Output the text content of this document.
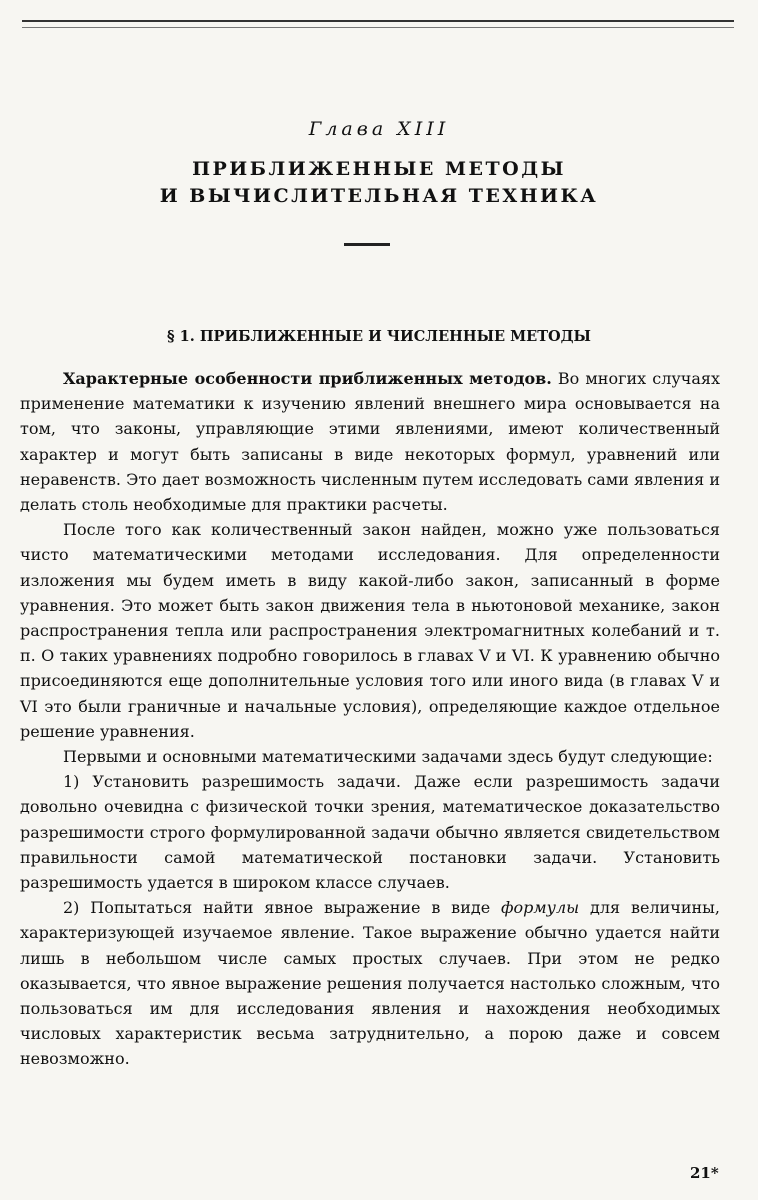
Глава XIII
ПРИБЛИЖЕННЫЕ МЕТОДЫ
И ВЫЧИСЛИТЕЛЬНАЯ ТЕХНИКА
§ 1. ПРИБЛИЖЕННЫЕ И ЧИСЛЕННЫЕ МЕТОДЫ

Характерные особенности приближенных методов. Во многих случаях применение математики к изучению явлений внешнего мира основывается на том, что законы, управляющие этими явлениями, имеют количественный характер и могут быть записаны в виде некоторых формул, уравнений или неравенств. Это дает возможность численным путем исследовать сами явления и делать столь необходимые для практики расчеты.

После того как количественный закон найден, можно уже пользоваться чисто математическими методами исследования. Для определенности изложения мы будем иметь в виду какой-либо закон, записанный в форме уравнения. Это может быть закон движения тела в ньютоновой механике, закон распространения тепла или распространения электромагнитных колебаний и т. п. О таких уравнениях подробно говорилось в главах V и VI. К уравнению обычно присоединяются еще дополнительные условия того или иного вида (в главах V и VI это были граничные и начальные условия), определяющие каждое отдельное решение уравнения.

Первыми и основными математическими задачами здесь будут следующие:

1) Установить разрешимость задачи. Даже если разрешимость задачи довольно очевидна с физической точки зрения, математическое доказательство разрешимости строго формулированной задачи обычно является свидетельством правильности самой математической постановки задачи. Установить разрешимость удается в широком классе случаев.

2) Попытаться найти явное выражение в виде формулы для величины, характеризующей изучаемое явление. Такое выражение обычно удается найти лишь в небольшом числе самых простых случаев. При этом не редко оказывается, что явное выражение решения получается настолько сложным, что пользоваться им для исследования явления и нахождения необходимых числовых характеристик весьма затруднительно, а порою даже и совсем невозможно.

21*
